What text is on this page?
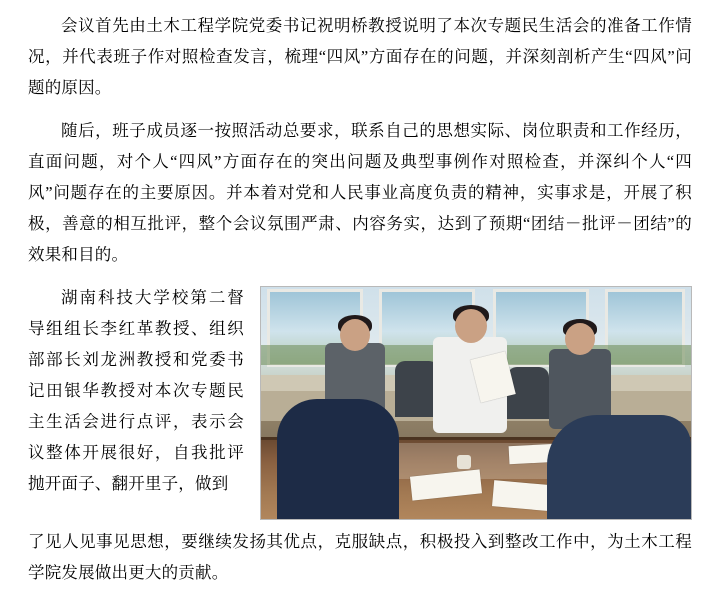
会议首先由土木工程学院党委书记祝明桥教授说明了本次专题民生活会的准备工作情况，并代表班子作对照检查发言，梳理“四风”方面存在的问题，并深刻剖析产生“四风”问题的原因。

随后，班子成员逐一按照活动总要求，联系自己的思想实际、岗位职责和工作经历，直面问题，对个人“四风”方面存在的突出问题及典型事例作对照检查，并深纠个人“四风”问题存在的主要原因。并本着对党和人民事业高度负责的精神，实事求是，开展了积极，善意的相互批评，整个会议氛围严肃、内容务实，达到了预期“团结－批评－团结”的效果和目的。

湖南科技大学校第二督导组组长李红革教授、组织部部长刘龙洲教授和党委书记田银华教授对本次专题民主生活会进行点评，表示会议整体开展很好，自我批评抛开面子、翻开里子，做到

了见人见事见思想，要继续发扬其优点，克服缺点，积极投入到整改工作中，为土木工程学院发展做出更大的贡献。
